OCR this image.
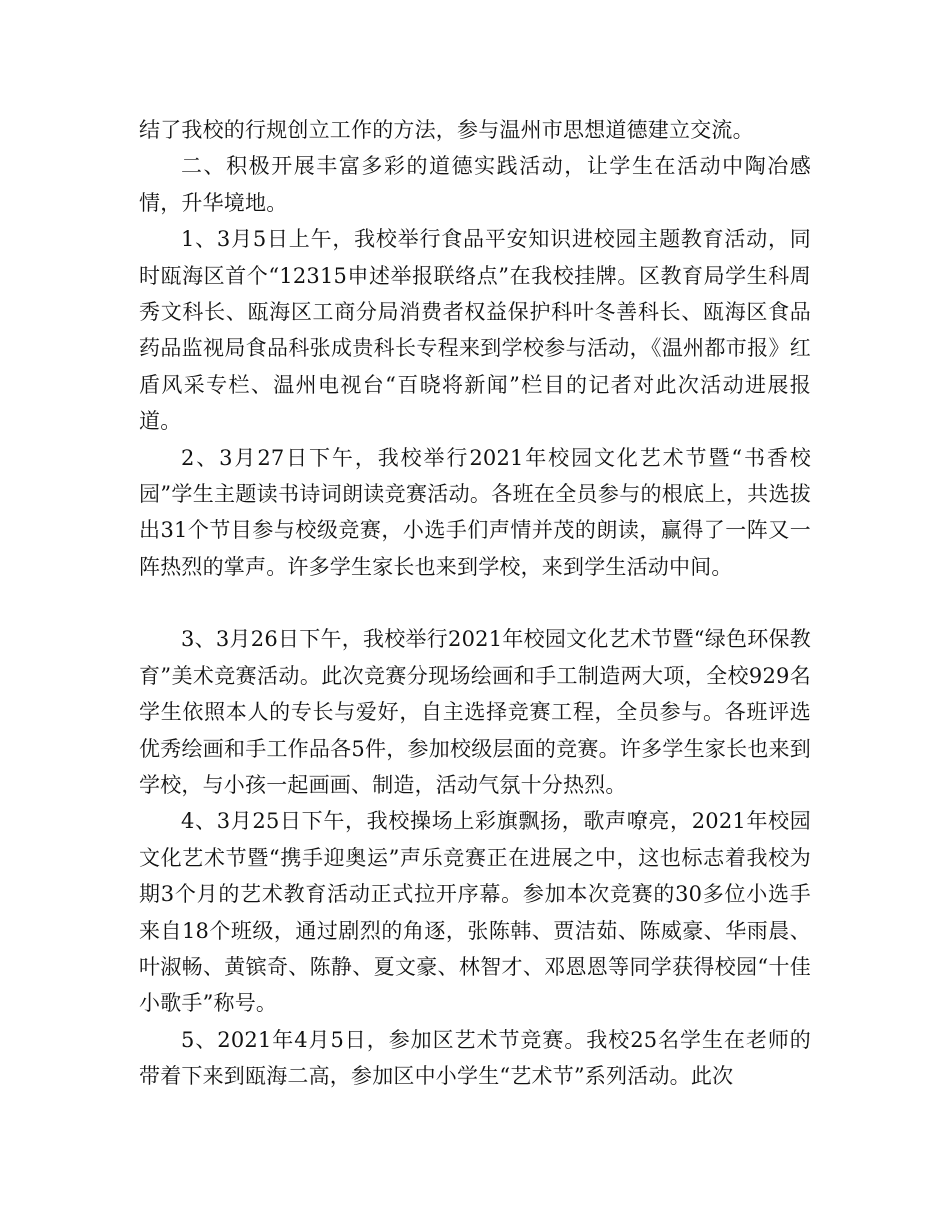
结了我校的行规创立工作的方法，参与温州市思想道德建立交流。

二、积极开展丰富多彩的道德实践活动，让学生在活动中陶冶感情，升华境地。

1、3月5日上午，我校举行食品平安知识进校园主题教育活动，同时瓯海区首个“12315申述举报联络点”在我校挂牌。区教育局学生科周秀文科长、瓯海区工商分局消费者权益保护科叶冬善科长、瓯海区食品药品监视局食品科张成贵科长专程来到学校参与活动，《温州都市报》红盾风采专栏、温州电视台“百晓将新闻”栏目的记者对此次活动进展报道。

2、3月27日下午，我校举行2021年校园文化艺术节暨“书香校园”学生主题读书诗词朗读竞赛活动。各班在全员参与的根底上，共选拔出31个节目参与校级竞赛，小选手们声情并茂的朗读，赢得了一阵又一阵热烈的掌声。许多学生家长也来到学校，来到学生活动中间。

3、3月26日下午，我校举行2021年校园文化艺术节暨“绿色环保教育”美术竞赛活动。此次竞赛分现场绘画和手工制造两大项，全校929名学生依照本人的专长与爱好，自主选择竞赛工程，全员参与。各班评选优秀绘画和手工作品各5件，参加校级层面的竞赛。许多学生家长也来到学校，与小孩一起画画、制造，活动气氛十分热烈。

4、3月25日下午，我校操场上彩旗飘扬，歌声嘹亮，2021年校园文化艺术节暨“携手迎奥运”声乐竞赛正在进展之中，这也标志着我校为期3个月的艺术教育活动正式拉开序幕。参加本次竞赛的30多位小选手来自18个班级，通过剧烈的角逐，张陈韩、贾洁茹、陈威豪、华雨晨、叶淑畅、黄镔奇、陈静、夏文豪、林智才、邓恩恩等同学获得校园“十佳小歌手”称号。

5、2021年4月5日，参加区艺术节竞赛。我校25名学生在老师的带着下来到瓯海二高，参加区中小学生“艺术节”系列活动。此次
